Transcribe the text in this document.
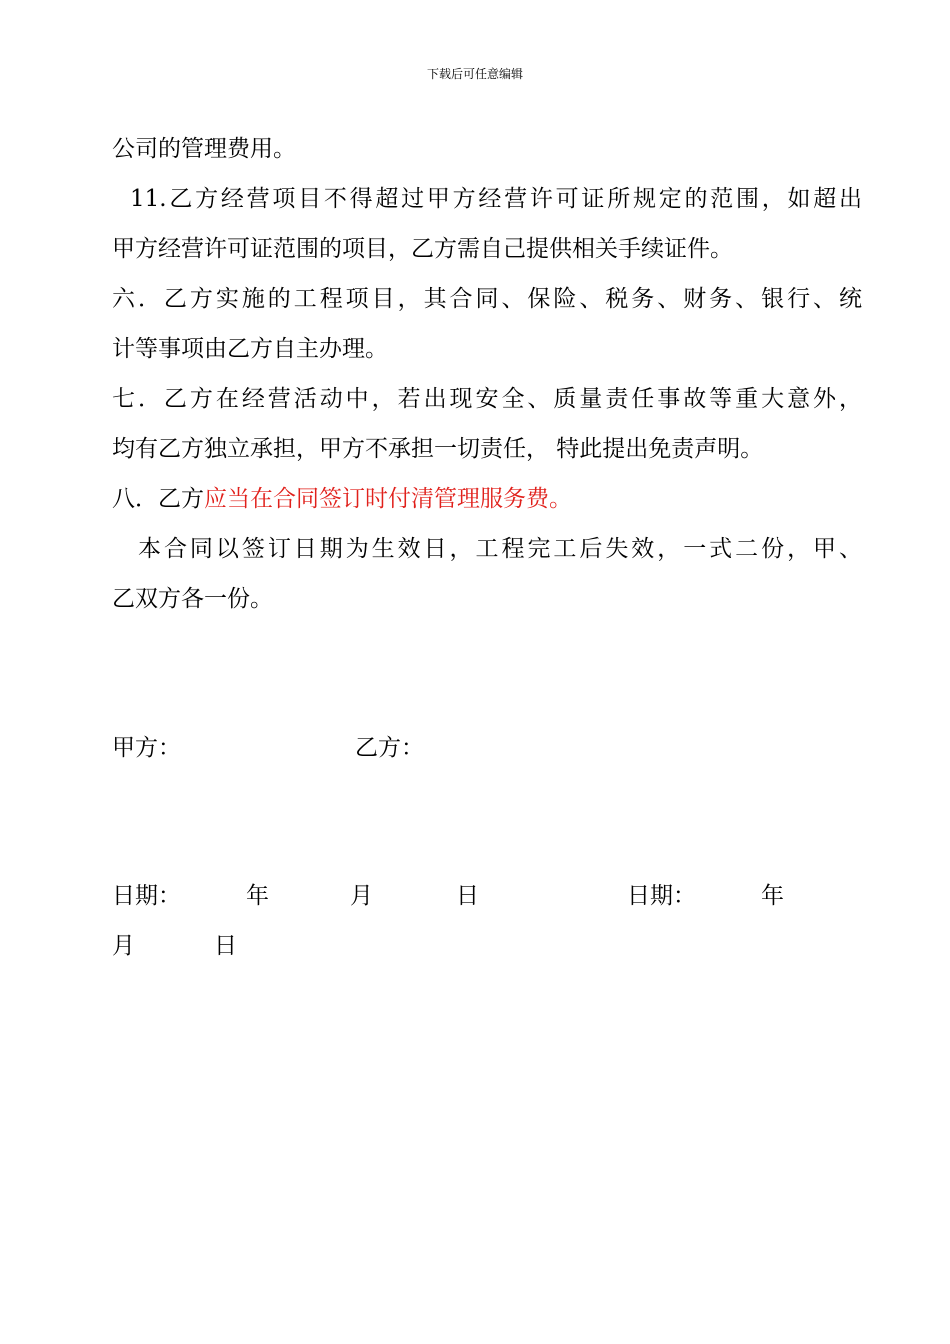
下载后可任意编辑
公司的管理费用。
11.乙方经营项目不得超过甲方经营许可证所规定的范围，如超出
甲方经营许可证范围的项目，乙方需自己提供相关手续证件。
六．乙方实施的工程项目，其合同、保险、税务、财务、银行、统
计等事项由乙方自主办理。
七．乙方在经营活动中，若出现安全、质量责任事故等重大意外，
均有乙方独立承担，甲方不承担一切责任， 特此提出免责声明。
八．乙方应当在合同签订时付清管理服务费。
本合同以签订日期为生效日，工程完工后失效，一式二份，甲、
乙双方各一份。
甲方：	乙方：
日期：	年	月	日	日期：	年
月	日
